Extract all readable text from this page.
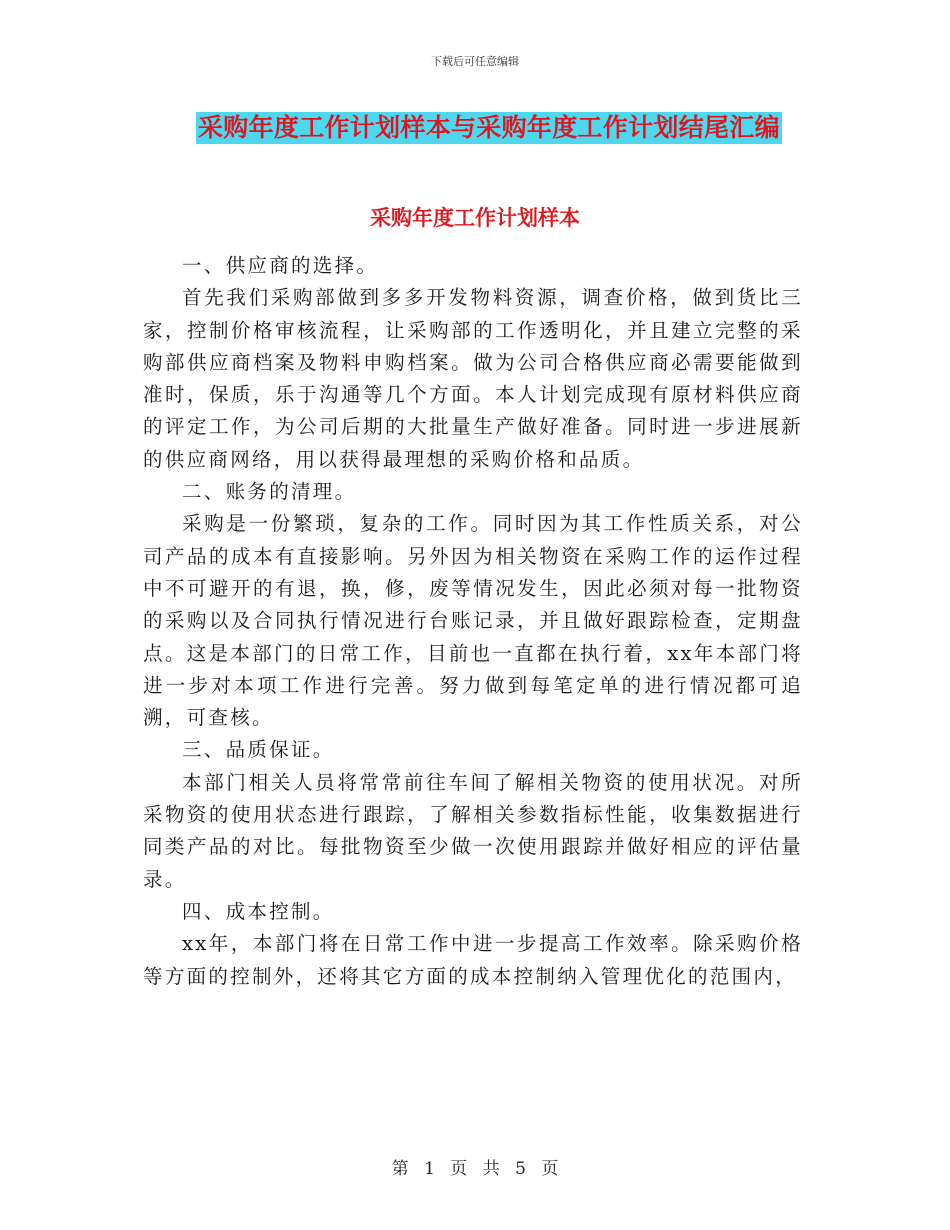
下载后可任意编辑
采购年度工作计划样本与采购年度工作计划结尾汇编
采购年度工作计划样本

一、供应商的选择。

首先我们采购部做到多多开发物料资源，调查价格，做到货比三家，控制价格审核流程，让采购部的工作透明化，并且建立完整的采购部供应商档案及物料申购档案。做为公司合格供应商必需要能做到准时，保质，乐于沟通等几个方面。本人计划完成现有原材料供应商的评定工作，为公司后期的大批量生产做好准备。同时进一步进展新的供应商网络，用以获得最理想的采购价格和品质。

二、账务的清理。

采购是一份繁琐，复杂的工作。同时因为其工作性质关系，对公司产品的成本有直接影响。另外因为相关物资在采购工作的运作过程中不可避开的有退，换，修，废等情况发生，因此必须对每一批物资的采购以及合同执行情况进行台账记录，并且做好跟踪检查，定期盘点。这是本部门的日常工作，目前也一直都在执行着，xx年本部门将进一步对本项工作进行完善。努力做到每笔定单的进行情况都可追溯，可查核。

三、品质保证。

本部门相关人员将常常前往车间了解相关物资的使用状况。对所采物资的使用状态进行跟踪，了解相关参数指标性能，收集数据进行同类产品的对比。每批物资至少做一次使用跟踪并做好相应的评估量录。

四、成本控制。

xx年，本部门将在日常工作中进一步提高工作效率。除采购价格等方面的控制外，还将其它方面的成本控制纳入管理优化的范围内，

第 1 页 共 5 页
